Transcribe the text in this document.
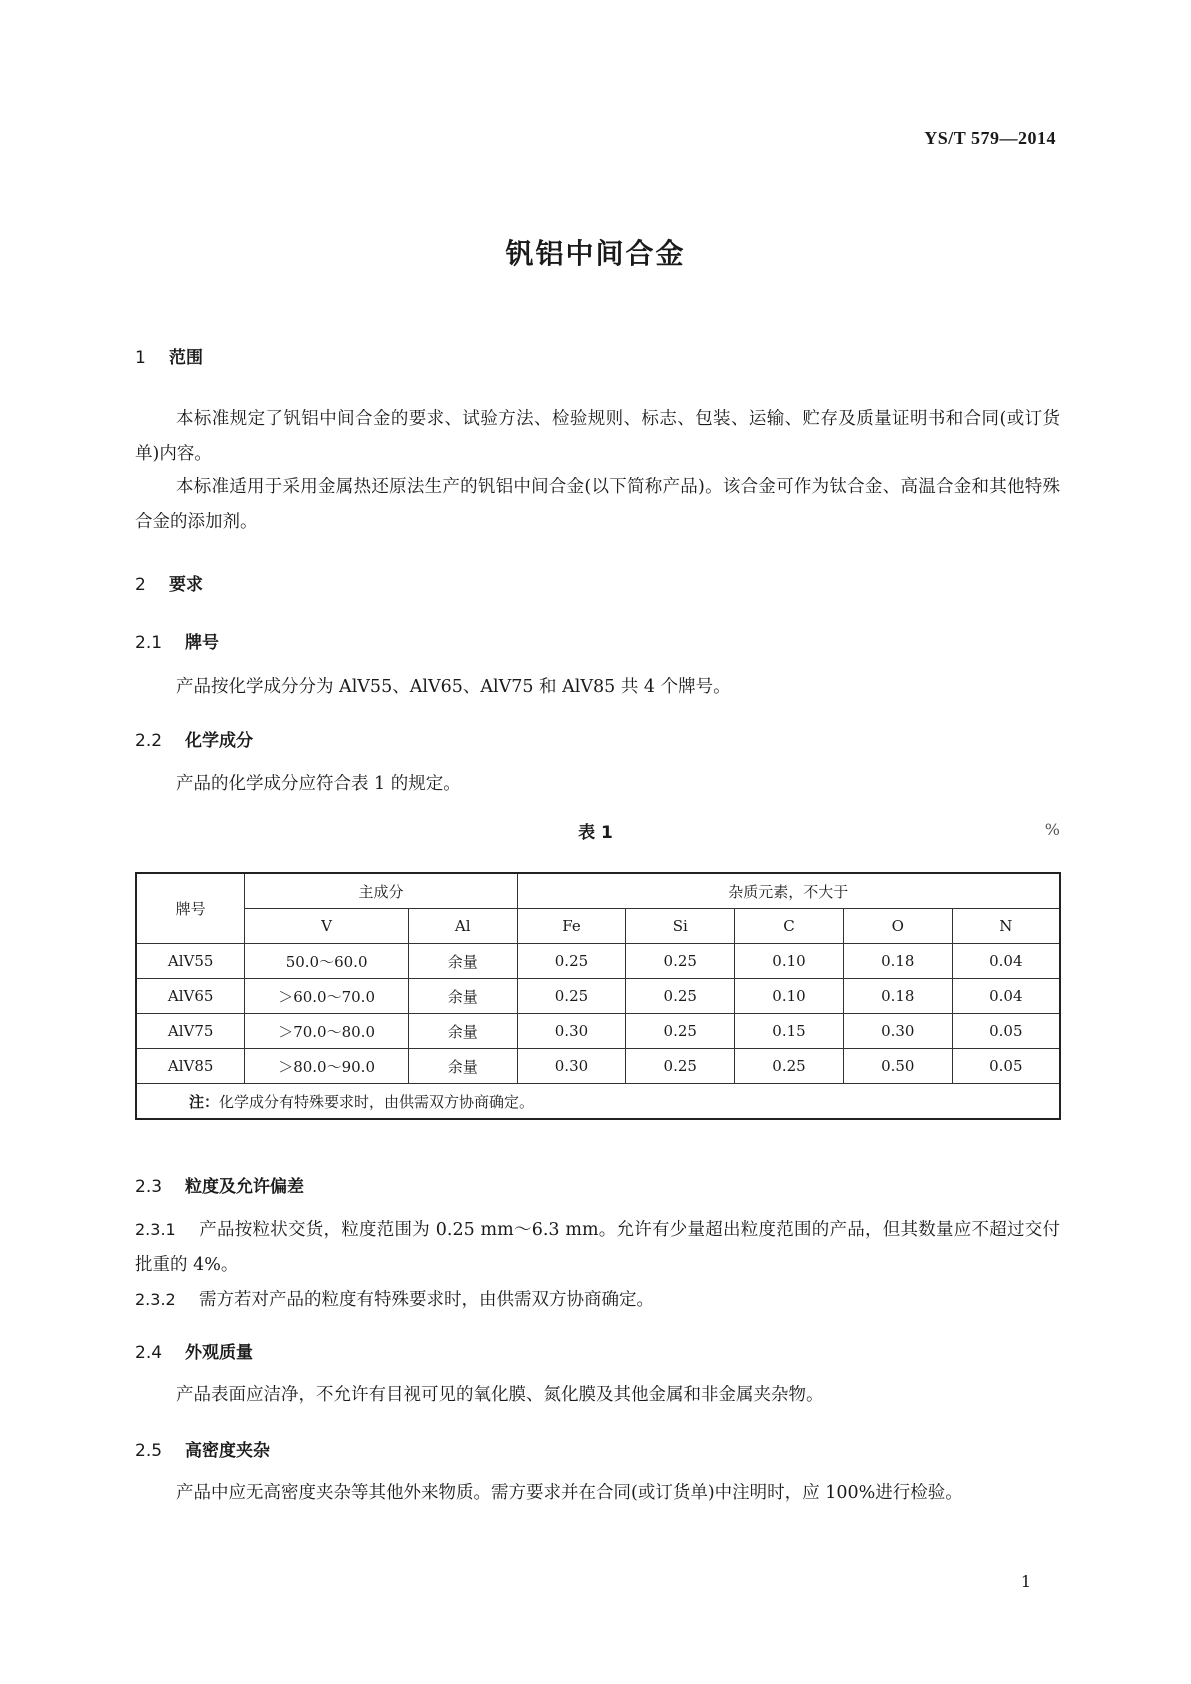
YS/T 579—2014
钒铝中间合金
1 范围
本标准规定了钒铝中间合金的要求、试验方法、检验规则、标志、包装、运输、贮存及质量证明书和合同(或订货单)内容。
本标准适用于采用金属热还原法生产的钒铝中间合金(以下简称产品)。该合金可作为钛合金、高温合金和其他特殊合金的添加剂。
2 要求
2.1 牌号
产品按化学成分分为 AlV55、AlV65、AlV75 和 AlV85 共 4 个牌号。
2.2 化学成分
产品的化学成分应符合表 1 的规定。
表 1	%
牌号	主成分		杂质元素，不大于				
	V	Al	Fe	Si	C	O	N
AlV55	50.0～60.0	余量	0.25	0.25	0.10	0.18	0.04
AlV65	＞60.0～70.0	余量	0.25	0.25	0.10	0.18	0.04
AlV75	＞70.0～80.0	余量	0.30	0.25	0.15	0.30	0.05
AlV85	＞80.0～90.0	余量	0.30	0.25	0.25	0.50	0.05
注：化学成分有特殊要求时，由供需双方协商确定。							
2.3 粒度及允许偏差
2.3.1 产品按粒状交货，粒度范围为 0.25 mm～6.3 mm。允许有少量超出粒度范围的产品，但其数量应不超过交付批重的 4%。
2.3.2 需方若对产品的粒度有特殊要求时，由供需双方协商确定。
2.4 外观质量
产品表面应洁净，不允许有目视可见的氧化膜、氮化膜及其他金属和非金属夹杂物。
2.5 高密度夹杂
产品中应无高密度夹杂等其他外来物质。需方要求并在合同(或订货单)中注明时，应 100%进行检验。
1
